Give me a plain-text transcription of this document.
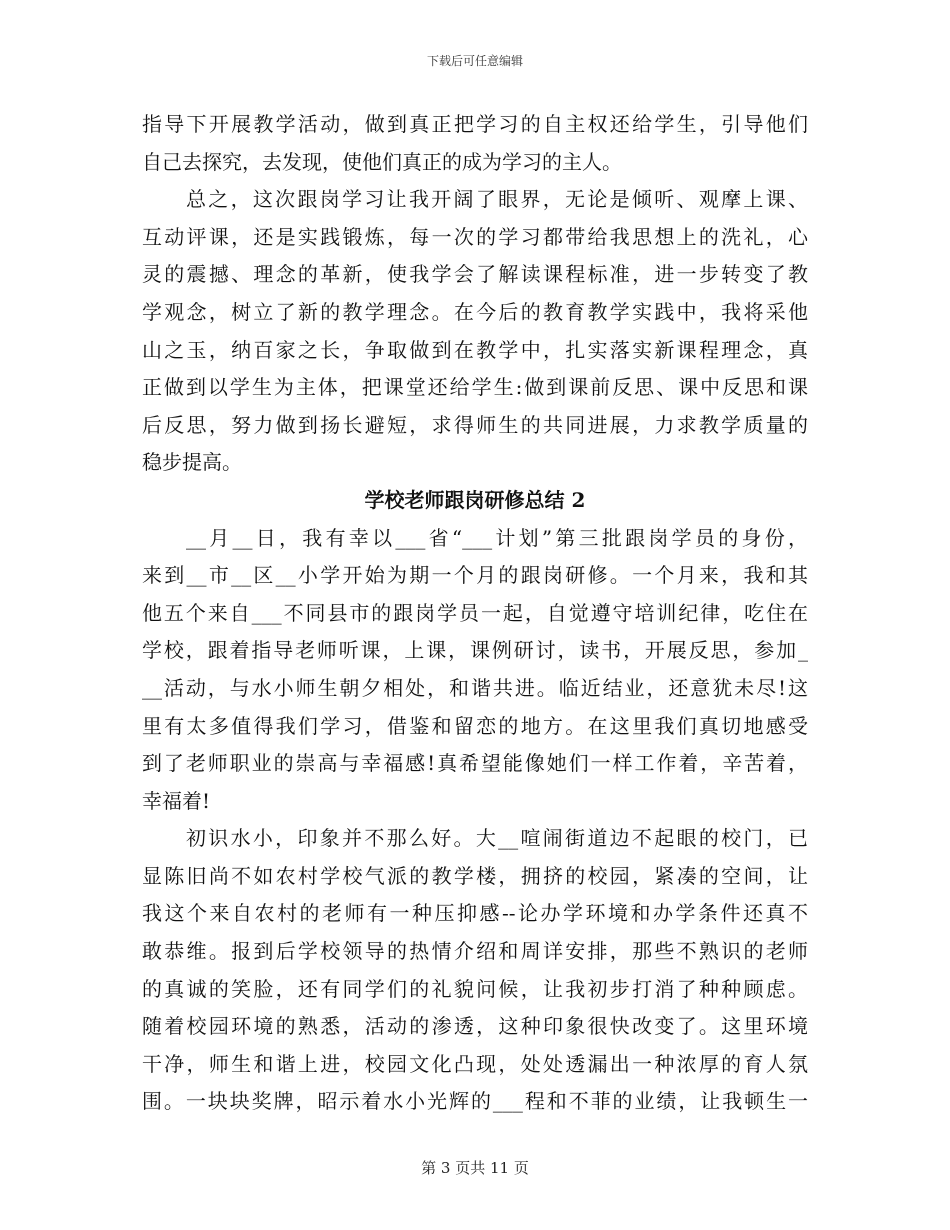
下载后可任意编辑
指导下开展教学活动，做到真正把学习的自主权还给学生，引导他们
自己去探究，去发现，使他们真正的成为学习的主人。
总之，这次跟岗学习让我开阔了眼界，无论是倾听、观摩上课、
互动评课，还是实践锻炼，每一次的学习都带给我思想上的洗礼，心
灵的震撼、理念的革新，使我学会了解读课程标准，进一步转变了教
学观念，树立了新的教学理念。在今后的教育教学实践中，我将采他
山之玉，纳百家之长，争取做到在教学中，扎实落实新课程理念，真
正做到以学生为主体，把课堂还给学生:做到课前反思、课中反思和课
后反思，努力做到扬长避短，求得师生的共同进展，力求教学质量的
稳步提高。
学校老师跟岗研修总结 2
__月__日，我有幸以___省“___计划”第三批跟岗学员的身份，
来到__市__区__小学开始为期一个月的跟岗研修。一个月来，我和其
他五个来自___不同县市的跟岗学员一起，自觉遵守培训纪律，吃住在
学校，跟着指导老师听课，上课，课例研讨，读书，开展反思，参加_
__活动，与水小师生朝夕相处，和谐共进。临近结业，还意犹未尽!这
里有太多值得我们学习，借鉴和留恋的地方。在这里我们真切地感受
到了老师职业的崇高与幸福感!真希望能像她们一样工作着，辛苦着，
幸福着!
初识水小，印象并不那么好。大__喧闹街道边不起眼的校门，已
显陈旧尚不如农村学校气派的教学楼，拥挤的校园，紧凑的空间，让
我这个来自农村的老师有一种压抑感--论办学环境和办学条件还真不
敢恭维。报到后学校领导的热情介绍和周详安排，那些不熟识的老师
的真诚的笑脸，还有同学们的礼貌问候，让我初步打消了种种顾虑。
随着校园环境的熟悉，活动的渗透，这种印象很快改变了。这里环境
干净，师生和谐上进，校园文化凸现，处处透漏出一种浓厚的育人氛
围。一块块奖牌，昭示着水小光辉的___程和不菲的业绩，让我顿生一
第 3 页共 11 页
